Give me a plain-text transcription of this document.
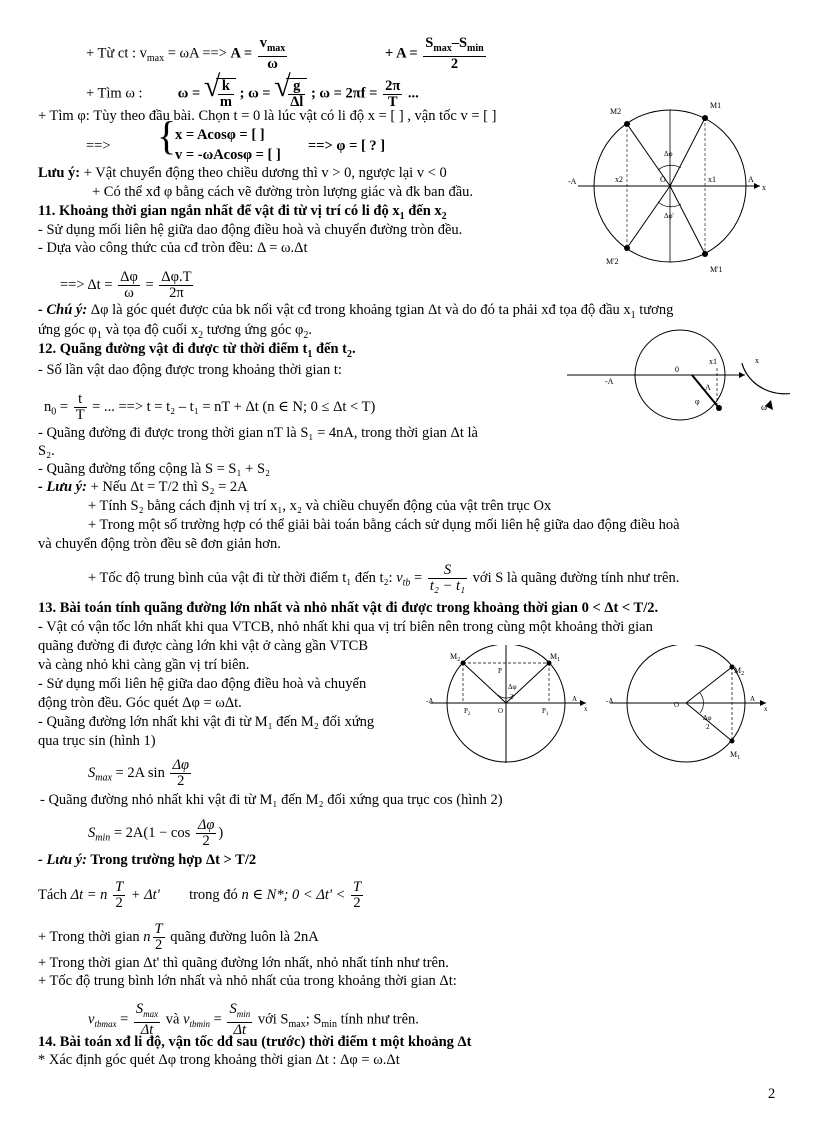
+ Từ ct : $v_{max} = \omega A$ ==> $A = \frac{v_{max}}{\omega}$	+ $A = \frac{S_{max}-S_{min}}{2}$
+ Tìm ω : ω = √ $\frac{k}{m}$ ; ω = √ $\frac{g}{\Delta l}$ ; $\omega = 2\pi f = \frac{2\pi}{T}$ ...
+ Tìm φ: Tùy theo đầu bài. Chọn t = 0 là lúc vật có li độ x = [ ] , vận tốc v = [ ]
==> {
x = Acosφ = [ ]
v = -ωAcosφ = [ ]
==> φ = [ ? ]
Lưu ý: + Vật chuyển động theo chiều dương thì v > 0, ngược lại v < 0
+ Có thể xđ φ bằng cách vẽ đường tròn lượng giác và đk ban đầu.
11. Khoảng thời gian ngắn nhất để vật đi từ vị trí có li độ $x_1$ đến $x_2$
- Sử dụng mối liên hệ giữa dao động điều hoà và chuyển đường tròn đều.
- Dựa vào công thức của cđ tròn đều: Δ = ω.Δt
==> $\Delta t = \frac{\Delta\varphi}{\omega} = \frac{\Delta\varphi.T}{2\pi}$
- Chú ý: Δφ là góc quét được của bk nối vật cđ trong khoảng tgian Δt và do đó ta phải xđ tọa độ đầu $x_1$ tương
ứng góc $\varphi_1$ và tọa độ cuối $x_2$ tương ứng góc $\varphi_2$.
12. Quãng đường vật đi được từ thời điểm $t_1$ đến $t_2$.
- Số lần vật dao động được trong khoảng thời gian t:
$n_0 = \frac{t}{T}$ = ... ==> t = t₂ – t₁ = nT + Δt (n ∈ N; 0 ≤ Δt < T)
- Quãng đường đi được trong thời gian nT là S₁ = 4nA, trong thời gian Δt là
S₂.
- Quãng đường tổng cộng là S = S₁ + S₂
- Lưu ý: + Nếu Δt = T/2 thì S₂ = 2A
+ Tính S₂ bằng cách định vị trí x₁, x₂ và chiều chuyển động của vật trên trục Ox
+ Trong một số trường hợp có thể giải bài toán bằng cách sử dụng mối liên hệ giữa dao động điều hoà
và chuyển động tròn đều sẽ đơn giản hơn.
+ Tốc độ trung bình của vật đi từ thời điểm t₁ đến t₂: $v_{tb} = \frac{S}{\text{t₂ − t₁}}$ với S là quãng đường tính như trên.
13. Bài toán tính quãng đường lớn nhất và nhỏ nhất vật đi được trong khoảng thời gian 0 < Δt < T/2.
- Vật có vận tốc lớn nhất khi qua VTCB, nhỏ nhất khi qua vị trí biên nên trong cùng một khoảng thời gian
quãng đường đi được càng lớn khi vật ở càng gần VTCB
và càng nhỏ khi càng gần vị trí biên.
- Sử dụng mối liên hệ giữa dao động điều hoà và chuyển
động tròn đều. Góc quét Δφ = ωΔt.
- Quãng đường lớn nhất khi vật đi từ M₁ đến M₂ đối xứng
qua trục sin (hình 1)
$S_{max} = 2A$ $\sin \frac{\Delta\varphi}{2}$
- Quãng đường nhỏ nhất khi vật đi từ M₁ đến M₂ đối xứng qua trục cos (hình 2)
$S_{min} = 2A(1 - \cos \frac{\Delta\varphi}{2}$ )
- Lưu ý: Trong trường hợp Δt > T/2
Tách Δt = n $\frac{T}{2} + \Delta t'$ trong đó n ∈ N*; $0 < \Delta t' < \frac{T}{2}$
+ Trong thời gian n $\frac{T}{2}$ quãng đường luôn là 2nA
+ Trong thời gian Δt' thì quãng đường lớn nhất, nhỏ nhất tính như trên.
+ Tốc độ trung bình lớn nhất và nhỏ nhất của trong khoảng thời gian Δt:
$v_{tbmax} = \frac{S_{max}}{\Delta t}$ và $v_{tbmin} = \frac{S_{min}}{\Delta t}$ với $S_{max}$; $S_{min}$ tính như trên.
14. Bài toán xđ li độ, vận tốc dđ sau (trước) thời điểm t một khoảng Δt
* Xác định góc quét Δφ trong khoảng thời gian Δt : Δφ = ω.Δt
2
M2
M1
M'2
M'1
-A	A
x
x1
x2	O
Δφ
Δφ'
-A
A
x
x1
0
φ
ω
$M_2$	$M_1$
P
Δφ
2
-A	A
x
O
$P_2$	$P_1$
$M_2$
$M_1$
-A	A
x
O
Δφ
2
